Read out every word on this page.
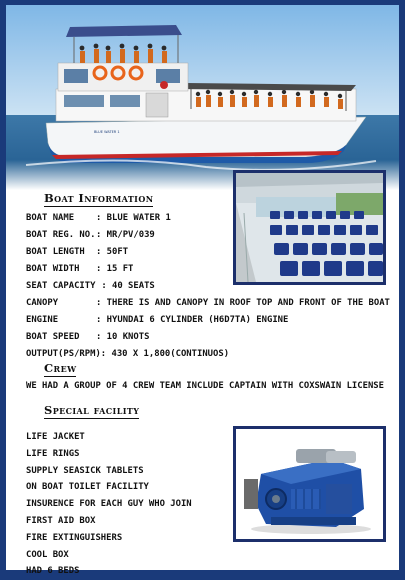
BLUE WATER 1
Boat Information
BOAT NAME : BLUE WATER 1
BOAT REG. NO.: MR/PV/039
BOAT LENGTH : 50FT
BOAT WIDTH : 15 FT
SEAT CAPACITY : 40 SEATS
CANOPY	: THERE IS AND CANOPY IN ROOF TOP AND FRONT OF THE BOAT
ENGINE	: HYUNDAI 6 CYLINDER (H6D7TA) ENGINE
BOAT SPEED : 10 KNOTS
OUTPUT(PS/RPM): 430 X 1,800(CONTINUOS)
Crew
WE HAD A GROUP OF 4 CREW TEAM INCLUDE CAPTAIN WITH COXSWAIN LICENSE
Special facility
LIFE JACKET
LIFE RINGS
SUPPLY SEASICK TABLETS
ON BOAT TOILET FACILITY
INSURENCE FOR EACH GUY WHO JOIN
FIRST AID BOX
FIRE EXTINGUISHERS
COOL BOX
HAD 6 BEDS
